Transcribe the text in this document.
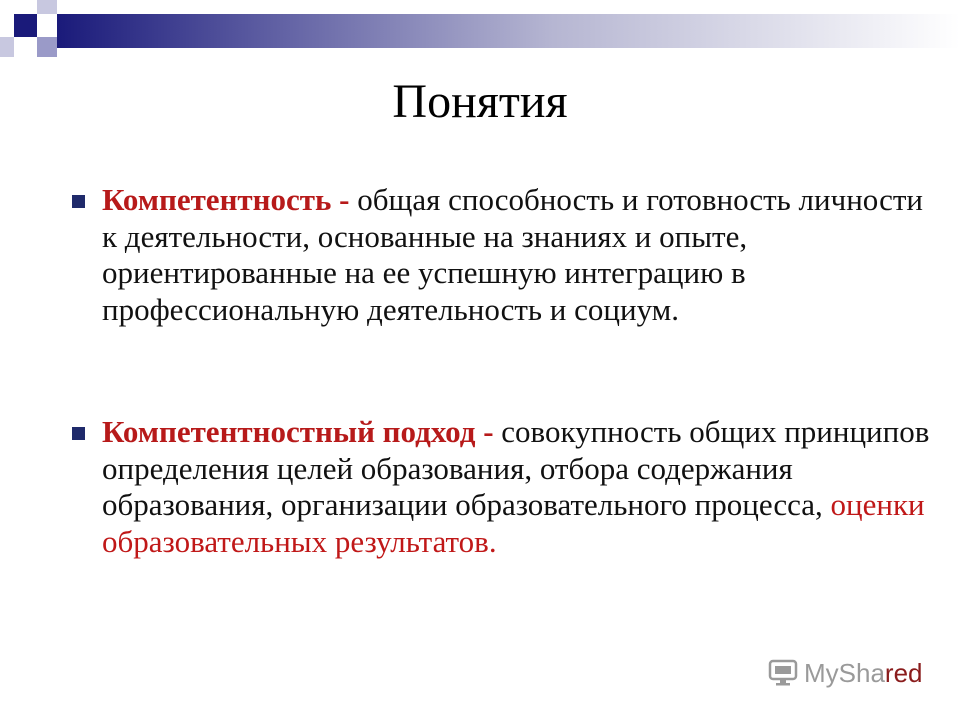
Понятия
Компетентность - общая способность и готовность личности к деятельности, основанные на знаниях и опыте, ориентированные на ее успешную интеграцию в профессиональную деятельность и социум.
Компетентностный подход - совокупность общих принципов определения целей образования, отбора содержания образования, организации образовательного процесса, оценки образовательных результатов.
MyShared
